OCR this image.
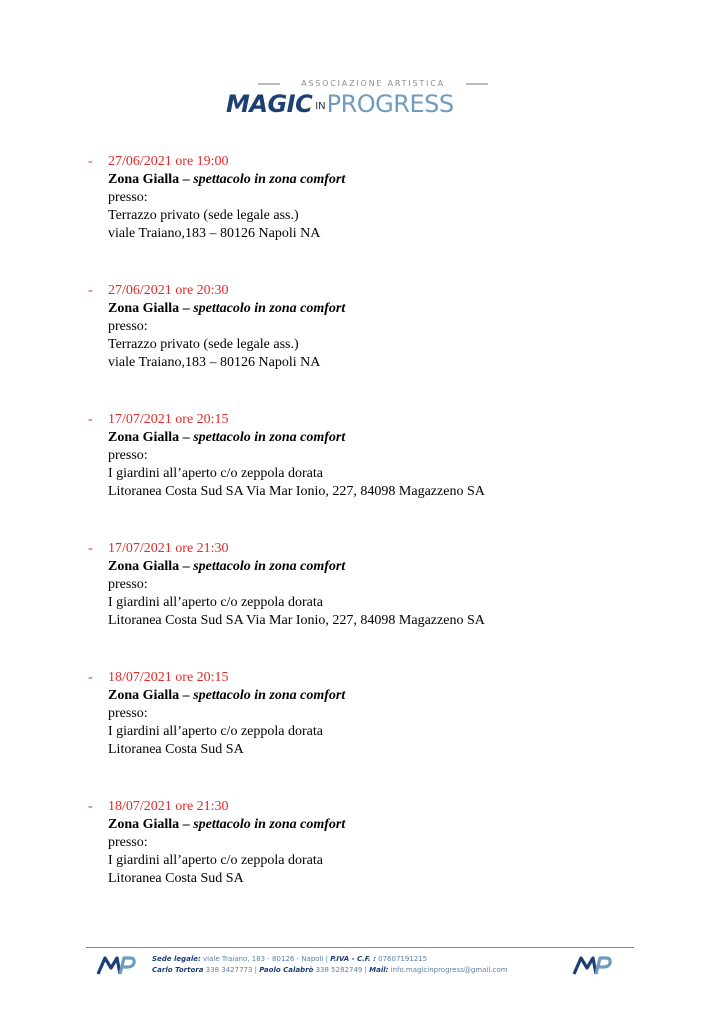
ASSOCIAZIONE ARTISTICA
MAGIC INPROGRESS
- 27/06/2021 ore 19:00
Zona Gialla – spettacolo in zona comfort
presso:
Terrazzo privato (sede legale ass.)
viale Traiano,183 – 80126 Napoli NA
- 27/06/2021 ore 20:30
Zona Gialla – spettacolo in zona comfort
presso:
Terrazzo privato (sede legale ass.)
viale Traiano,183 – 80126 Napoli NA
- 17/07/2021 ore 20:15
Zona Gialla – spettacolo in zona comfort
presso:
I giardini all’aperto c/o zeppola dorata
Litoranea Costa Sud SA Via Mar Ionio, 227, 84098 Magazzeno SA
- 17/07/2021 ore 21:30
Zona Gialla – spettacolo in zona comfort
presso:
I giardini all’aperto c/o zeppola dorata
Litoranea Costa Sud SA Via Mar Ionio, 227, 84098 Magazzeno SA
- 18/07/2021 ore 20:15
Zona Gialla – spettacolo in zona comfort
presso:
I giardini all’aperto c/o zeppola dorata
Litoranea Costa Sud SA
- 18/07/2021 ore 21:30
Zona Gialla – spettacolo in zona comfort
presso:
I giardini all’aperto c/o zeppola dorata
Litoranea Costa Sud SA
Sede legale: viale Traiano, 183 - 80126 - Napoli | P.IVA - C.F. : 07607191215
Carlo Tortora 338 3427773 | Paolo Calabrò 338 5282749 | Mail: info.magicinprogress@gmail.com
